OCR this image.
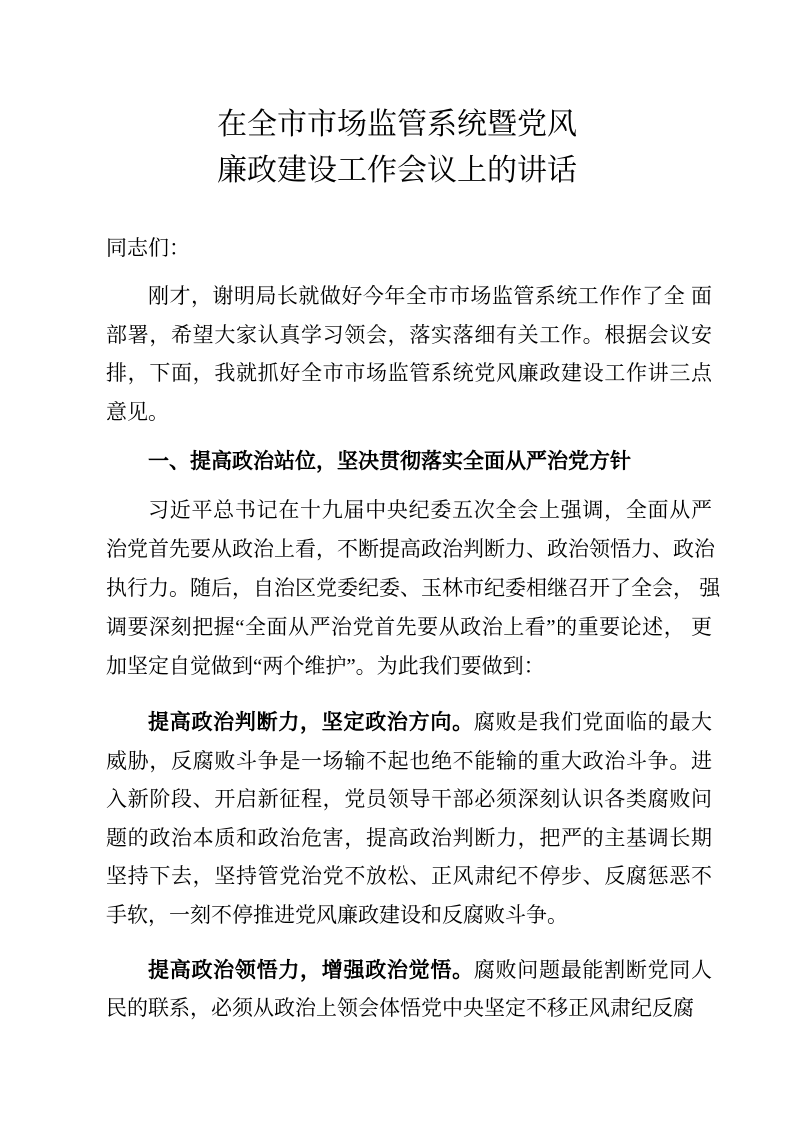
在全市市场监管系统暨党风
廉政建设工作会议上的讲话
同志们：
刚才，谢明局长就做好今年全市市场监管系统工作作了全 面
部署，希望大家认真学习领会，落实落细有关工作。根据会议安
排，下面，我就抓好全市市场监管系统党风廉政建设工作讲三点
意见。
一、提高政治站位，坚决贯彻落实全面从严治党方针
习近平总书记在十九届中央纪委五次全会上强调，全面从严
治党首先要从政治上看，不断提高政治判断力、政治领悟力、政治
执行力。随后，自治区党委纪委、玉林市纪委相继召开了全会， 强
调要深刻把握“全面从严治党首先要从政治上看”的重要论述， 更
加坚定自觉做到“两个维护”。为此我们要做到：
提高政治判断力，坚定政治方向。腐败是我们党面临的最大
威胁，反腐败斗争是一场输不起也绝不能输的重大政治斗争。进
入新阶段、开启新征程，党员领导干部必须深刻认识各类腐败问
题的政治本质和政治危害，提高政治判断力，把严的主基调长期
坚持下去，坚持管党治党不放松、正风肃纪不停步、反腐惩恶不
手软，一刻不停推进党风廉政建设和反腐败斗争。
提高政治领悟力，增强政治觉悟。腐败问题最能割断党同人
民的联系，必须从政治上领会体悟党中央坚定不移正风肃纪反腐
